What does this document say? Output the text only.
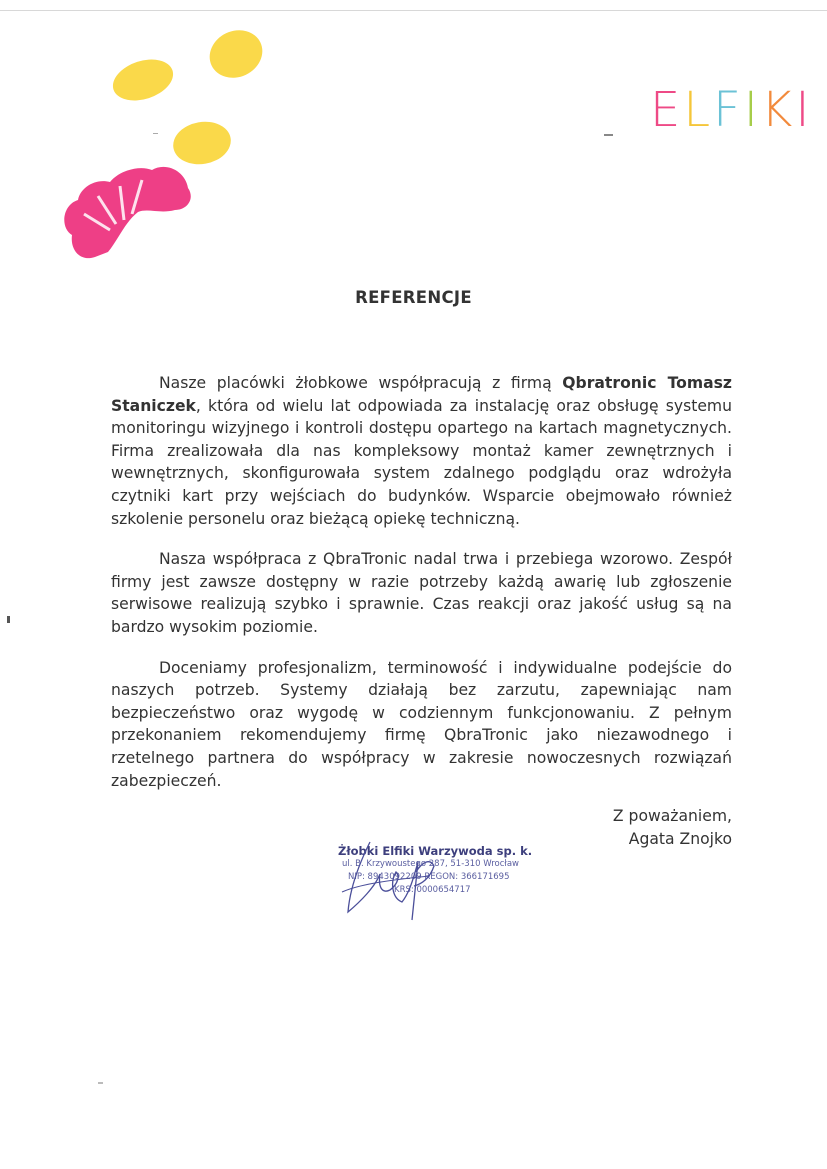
ELFIKI
REFERENCJE

Nasze placówki żłobkowe współpracują z firmą Qbratronic Tomasz Staniczek, która od wielu lat odpowiada za instalację oraz obsługę systemu monitoringu wizyjnego i kontroli dostępu opartego na kartach magnetycznych. Firma zrealizowała dla nas kompleksowy montaż kamer zewnętrznych i wewnętrznych, skonfigurowała system zdalnego podglądu oraz wdrożyła czytniki kart przy wejściach do budynków. Wsparcie obejmowało również szkolenie personelu oraz bieżącą opiekę techniczną.

Nasza współpraca z QbraTronic nadal trwa i przebiega wzorowo. Zespół firmy jest zawsze dostępny w razie potrzeby każdą awarię lub zgłoszenie serwisowe realizują szybko i sprawnie. Czas reakcji oraz jakość usług są na bardzo wysokim poziomie.

Doceniamy profesjonalizm, terminowość i indywidualne podejście do naszych potrzeb. Systemy działają bez zarzutu, zapewniając nam bezpieczeństwo oraz wygodę w codziennym funkcjonowaniu. Z pełnym przekonaniem rekomendujemy firmę QbraTronic jako niezawodnego i rzetelnego partnera do współpracy w zakresie nowoczesnych rozwiązań zabezpieczeń.

Z poważaniem,
Agata Znojko
Żłobki Elfiki Warzywoda sp. k.
ul. B. Krzywoustego 287, 51-310 Wrocław
NIP: 8943092209 REGON: 366171695
KRS: 0000654717
